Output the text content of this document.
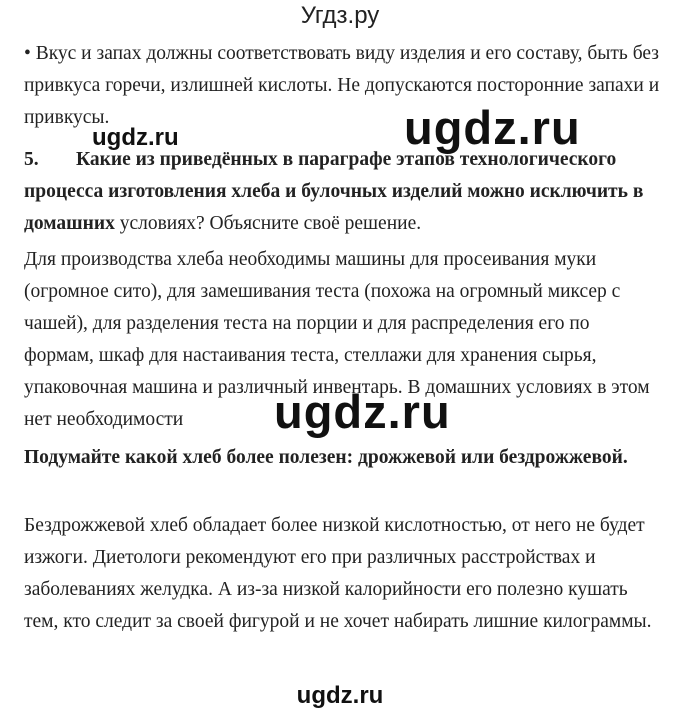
Угдз.ру

• Вкус и запах должны соответствовать виду изделия и его составу, быть без привкуса горечи, излишней кислоты. Не допускаются посторонние запахи и привкусы.

ugdz.ru	ugdz.ru

5. Какие из приведённых в параграфе этапов технологического процесса изготовления хлеба и булочных изделий можно исключить в домашних условиях? Объясните своё решение.

Для производства хлеба необходимы машины для просеивания муки (огромное сито), для замешивания теста (похожа на огромный миксер с чашей), для разделения теста на порции и для распределения его по формам, шкаф для настаивания теста, стеллажи для хранения сырья, упаковочная машина и различный инвентарь. В домашних условиях в этом нет необходимости	ugdz.ru

Подумайте какой хлеб более полезен: дрожжевой или бездрожжевой.

Бездрожжевой хлеб обладает более низкой кислотностью, от него не будет изжоги. Диетологи рекомендуют его при различных расстройствах и заболеваниях желудка. А из-за низкой калорийности его полезно кушать тем, кто следит за своей фигурой и не хочет набирать лишние килограммы.

ugdz.ru
